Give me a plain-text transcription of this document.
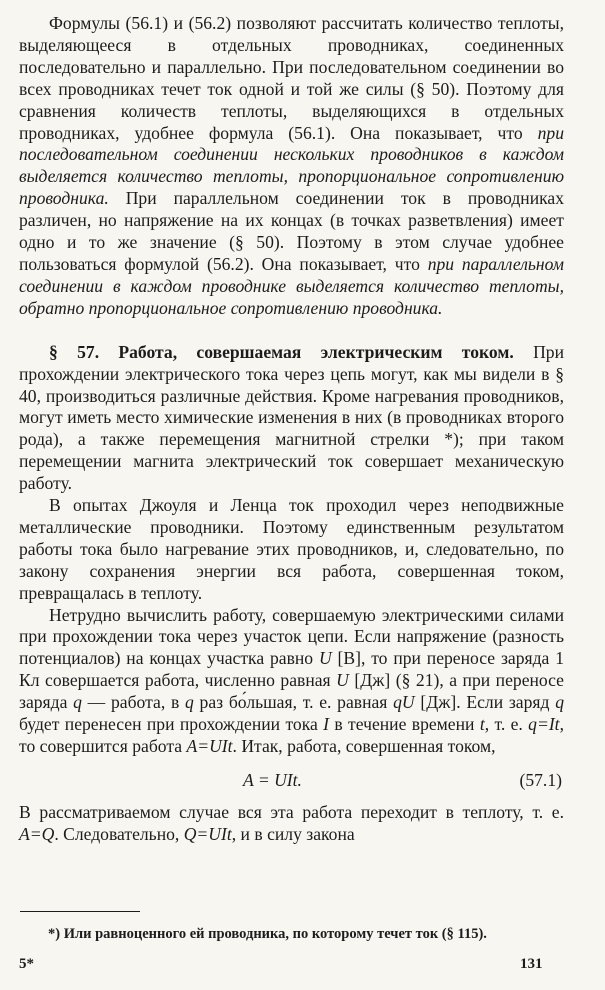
Формулы (56.1) и (56.2) позволяют рассчитать количество теплоты, выделяющееся в отдельных проводниках, соединенных последовательно и параллельно. При последовательном соединении во всех проводниках течет ток одной и той же силы (§ 50). Поэтому для сравнения количеств теплоты, выделяющихся в отдельных проводниках, удобнее формула (56.1). Она показывает, что при последовательном соединении нескольких проводников в каждом выделяется количество теплоты, пропорциональное сопротивлению проводника. При параллельном соединении ток в проводниках различен, но напряжение на их концах (в точках разветвления) имеет одно и то же значение (§ 50). Поэтому в этом случае удобнее пользоваться формулой (56.2). Она показывает, что при параллельном соединении в каждом проводнике выделяется количество теплоты, обратно пропорциональное сопротивлению проводника.

§ 57. Работа, совершаемая электрическим током. При прохождении электрического тока через цепь могут, как мы видели в § 40, производиться различные действия. Кроме нагревания проводников, могут иметь место химические изменения в них (в проводниках второго рода), а также перемещения магнитной стрелки *); при таком перемещении магнита электрический ток совершает механическую работу.

В опытах Джоуля и Ленца ток проходил через неподвижные металлические проводники. Поэтому единственным результатом работы тока было нагревание этих проводников, и, следовательно, по закону сохранения энергии вся работа, совершенная током, превращалась в теплоту.

Нетрудно вычислить работу, совершаемую электрическими силами при прохождении тока через участок цепи. Если напряжение (разность потенциалов) на концах участка равно U [В], то при переносе заряда 1 Кл совершается работа, численно равная U [Дж] (§ 21), а при переносе заряда q — работа, в q раз бо́льшая, т. е. равная qU [Дж]. Если заряд q будет перенесен при прохождении тока I в течение времени t, т. е. q=It, то совершится работа A=UIt. Итак, работа, совершенная током,

A = UIt.	(57.1)

В рассматриваемом случае вся эта работа переходит в теплоту, т. е. A=Q. Следовательно, Q=UIt, и в силу закона

*) Или равноценного ей проводника, по которому течет ток (§ 115).
5*	131
